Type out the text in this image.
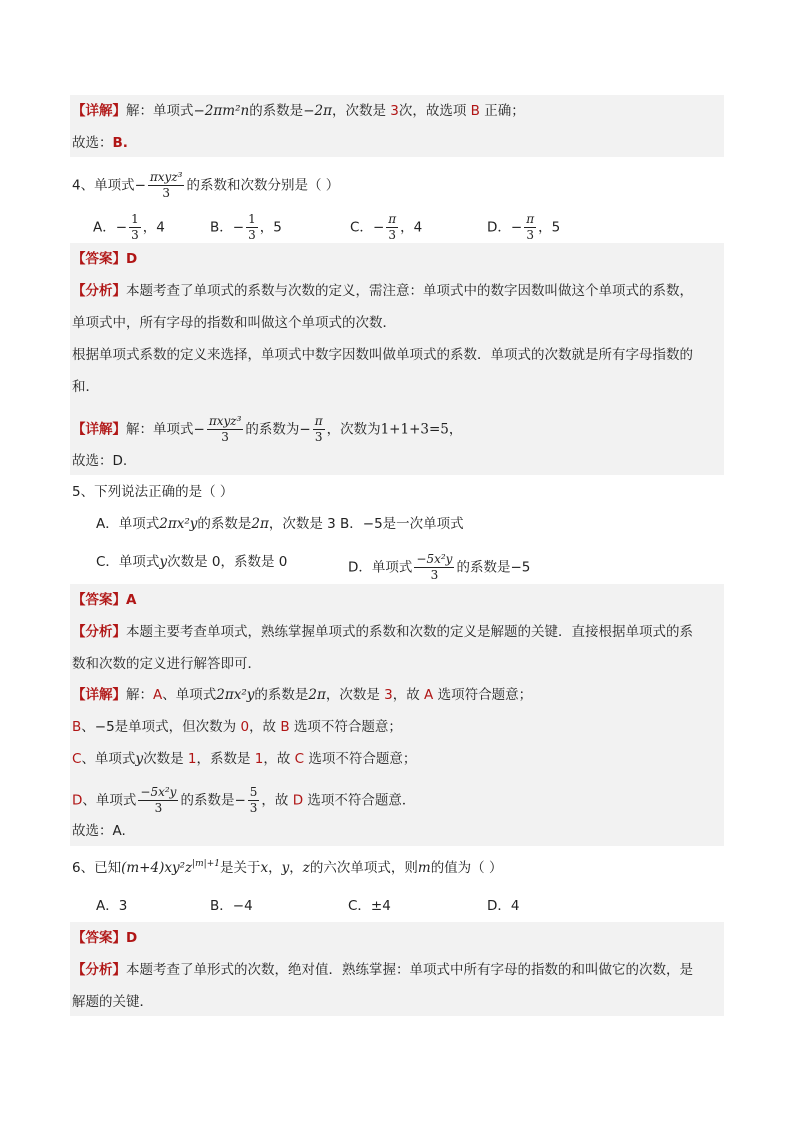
【详解】解：单项式−2πm²n的系数是−2π，次数是 3次，故选项 B 正确；
故选：B.
4、单项式− $\frac{\text{πxyz³}}{3}$ 的系数和次数分别是（ ）
A．− $\frac{1}{3}$ ，4	B．− $\frac{1}{3}$ ，5	C．− $\frac{\pi}{3}$ ，4	D．− $\frac{\pi}{3}$ ，5
【答案】D
【分析】本题考查了单项式的系数与次数的定义，需注意：单项式中的数字因数叫做这个单项式的系数，
单项式中，所有字母的指数和叫做这个单项式的次数．
根据单项式系数的定义来选择，单项式中数字因数叫做单项式的系数．单项式的次数就是所有字母指数的
和．
【详解】解：单项式− $\frac{\text{πxyz³}}{3}$ 的系数为− $\frac{\pi}{3}$ ，次数为1+1+3=5，
故选：D.
5、下列说法正确的是（ ）
A．单项式2πx²y的系数是2π，次数是 3 B．−5是一次单项式
C．单项式y次数是 0，系数是 0	D．单项式 $\frac{\text{−5x²y}}{3}$ 的系数是−5
【答案】A
【分析】本题主要考查单项式，熟练掌握单项式的系数和次数的定义是解题的关键．直接根据单项式的系
数和次数的定义进行解答即可．
【详解】解：A、单项式2πx²y的系数是2π，次数是 3，故 A 选项符合题意；
B、−5是单项式，但次数为 0，故 B 选项不符合题意；
C、单项式y次数是 1，系数是 1，故 C 选项不符合题意；
D、单项式 $\frac{\text{−5x²y}}{3}$ 的系数是− $\frac{5}{3}$ ，故 D 选项不符合题意．
故选：A.
6、已知$(m+4)xy^2z^{|m|+1}$是关于x，y，z的六次单项式，则m的值为（ ）
A．3	B．−4	C．±4	D．4
【答案】D
【分析】本题考查了单形式的次数，绝对值．熟练掌握：单项式中所有字母的指数的和叫做它的次数，是
解题的关键．
